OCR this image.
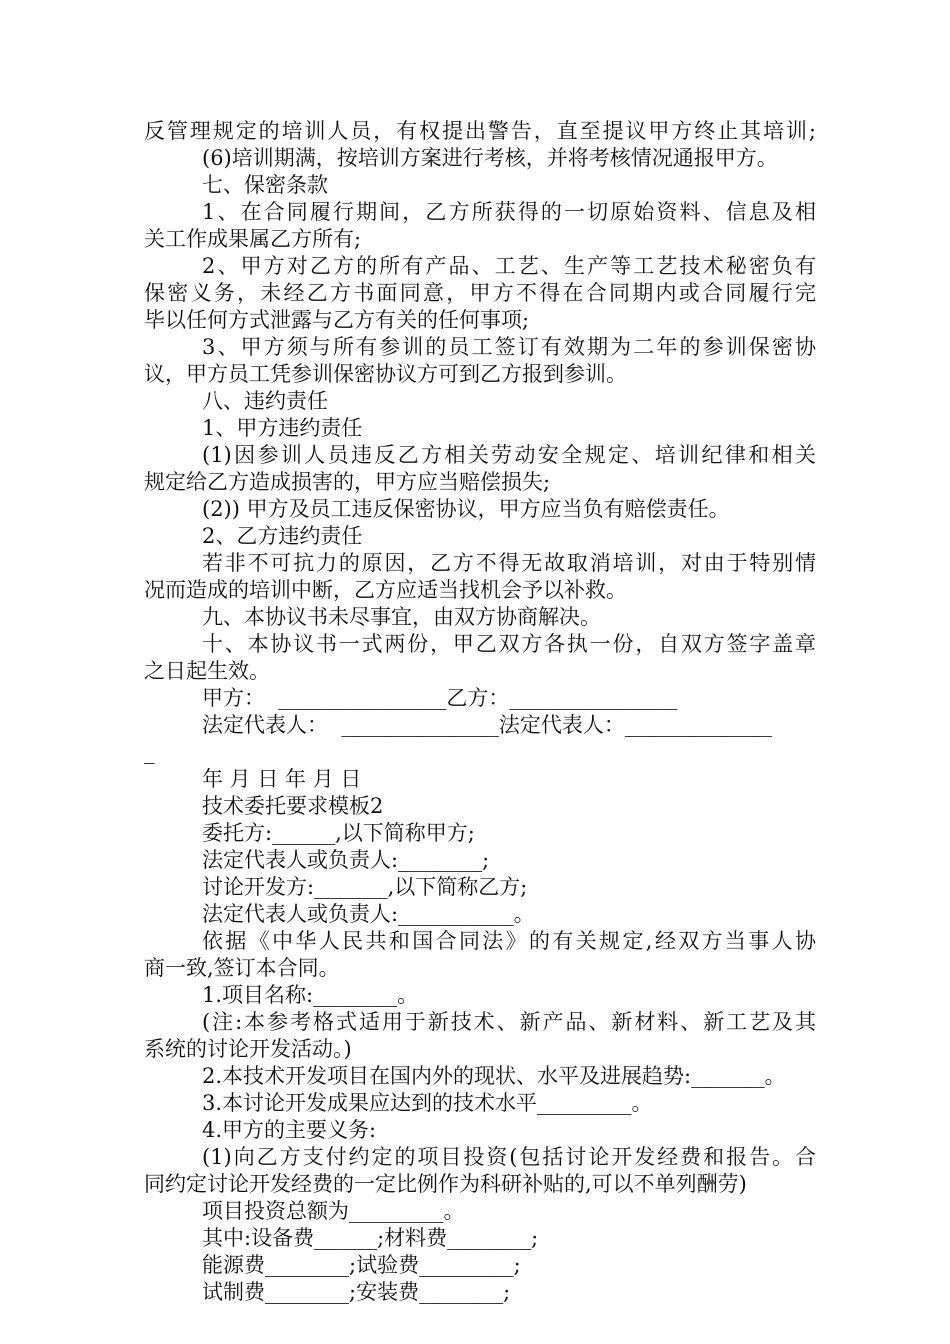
反管理规定的培训人员，有权提出警告，直至提议甲方终止其培训;
(6)培训期满，按培训方案进行考核，并将考核情况通报甲方。
七、保密条款
1、在合同履行期间，乙方所获得的一切原始资料、信息及相
关工作成果属乙方所有;
2、甲方对乙方的所有产品、工艺、生产等工艺技术秘密负有
保密义务，未经乙方书面同意，甲方不得在合同期内或合同履行完
毕以任何方式泄露与乙方有关的任何事项;
3、甲方须与所有参训的员工签订有效期为二年的参训保密协
议，甲方员工凭参训保密协议方可到乙方报到参训。
八、违约责任
1、甲方违约责任
(1)因参训人员违反乙方相关劳动安全规定、培训纪律和相关
规定给乙方造成损害的，甲方应当赔偿损失;
(2)) 甲方及员工违反保密协议，甲方应当负有赔偿责任。
2、乙方违约责任
若非不可抗力的原因，乙方不得无故取消培训，对由于特别情
况而造成的培训中断，乙方应适当找机会予以补救。
九、本协议书未尽事宜，由双方协商解决。
十、本协议书一式两份，甲乙双方各执一份，自双方签字盖章
之日起生效。
甲方：  ________________乙方：________________
法定代表人：  _______________法定代表人：______________
_
年 月 日 年 月 日
技术委托要求模板2
委托方:______,以下简称甲方;
法定代表人或负责人:________;
讨论开发方:_______,以下简称乙方;
法定代表人或负责人:___________。
依据《中华人民共和国合同法》的有关规定,经双方当事人协
商一致,签订本合同。
1.项目名称:________。
(注:本参考格式适用于新技术、新产品、新材料、新工艺及其
系统的讨论开发活动。)
2.本技术开发项目在国内外的现状、水平及进展趋势:_______。
3.本讨论开发成果应达到的技术水平_________。
4.甲方的主要义务:
(1)向乙方支付约定的项目投资(包括讨论开发经费和报告。合
同约定讨论开发经费的一定比例作为科研补贴的,可以不单列酬劳)
项目投资总额为_________。
其中:设备费______;材料费________;
能源费________;试验费_________;
试制费________;安装费________;
